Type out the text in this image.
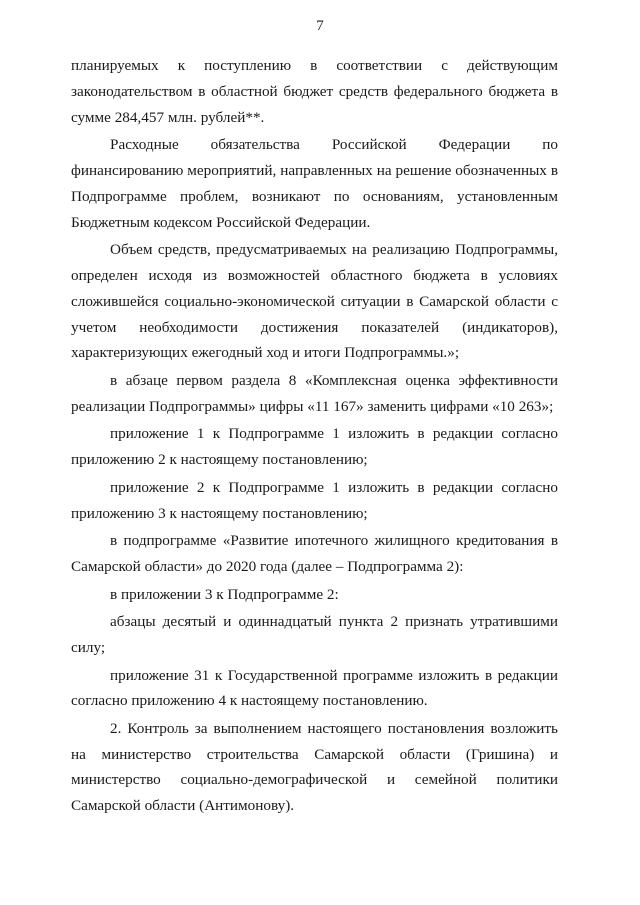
7
планируемых к поступлению в соответствии с действующим
законодательством в областной бюджет средств федерального бюджета в
сумме 284,457 млн. рублей**.
Расходные обязательства Российской Федерации по
финансированию мероприятий, направленных на решение обозначенных в
Подпрограмме проблем, возникают по основаниям, установленным
Бюджетным кодексом Российской Федерации.
Объем средств, предусматриваемых на реализацию Подпрограммы,
определен исходя из возможностей областного бюджета в условиях
сложившейся социально-экономической ситуации в Самарской области с
учетом необходимости достижения показателей (индикаторов),
характеризующих ежегодный ход и итоги Подпрограммы.»;
в абзаце первом раздела 8 «Комплексная оценка эффективности
реализации Подпрограммы» цифры «11 167» заменить цифрами «10 263»;
приложение 1 к Подпрограмме 1 изложить в редакции согласно
приложению 2 к настоящему постановлению;
приложение 2 к Подпрограмме 1 изложить в редакции согласно
приложению 3 к настоящему постановлению;
в подпрограмме «Развитие ипотечного жилищного кредитования в
Самарской области» до 2020 года (далее – Подпрограмма 2):
в приложении 3 к Подпрограмме 2:
абзацы десятый и одиннадцатый пункта 2 признать утратившими
силу;
приложение 31 к Государственной программе изложить в редакции
согласно приложению 4 к настоящему постановлению.
2. Контроль за выполнением настоящего постановления возложить
на министерство строительства Самарской области (Гришина) и
министерство социально-демографической и семейной политики
Самарской области (Антимонову).
